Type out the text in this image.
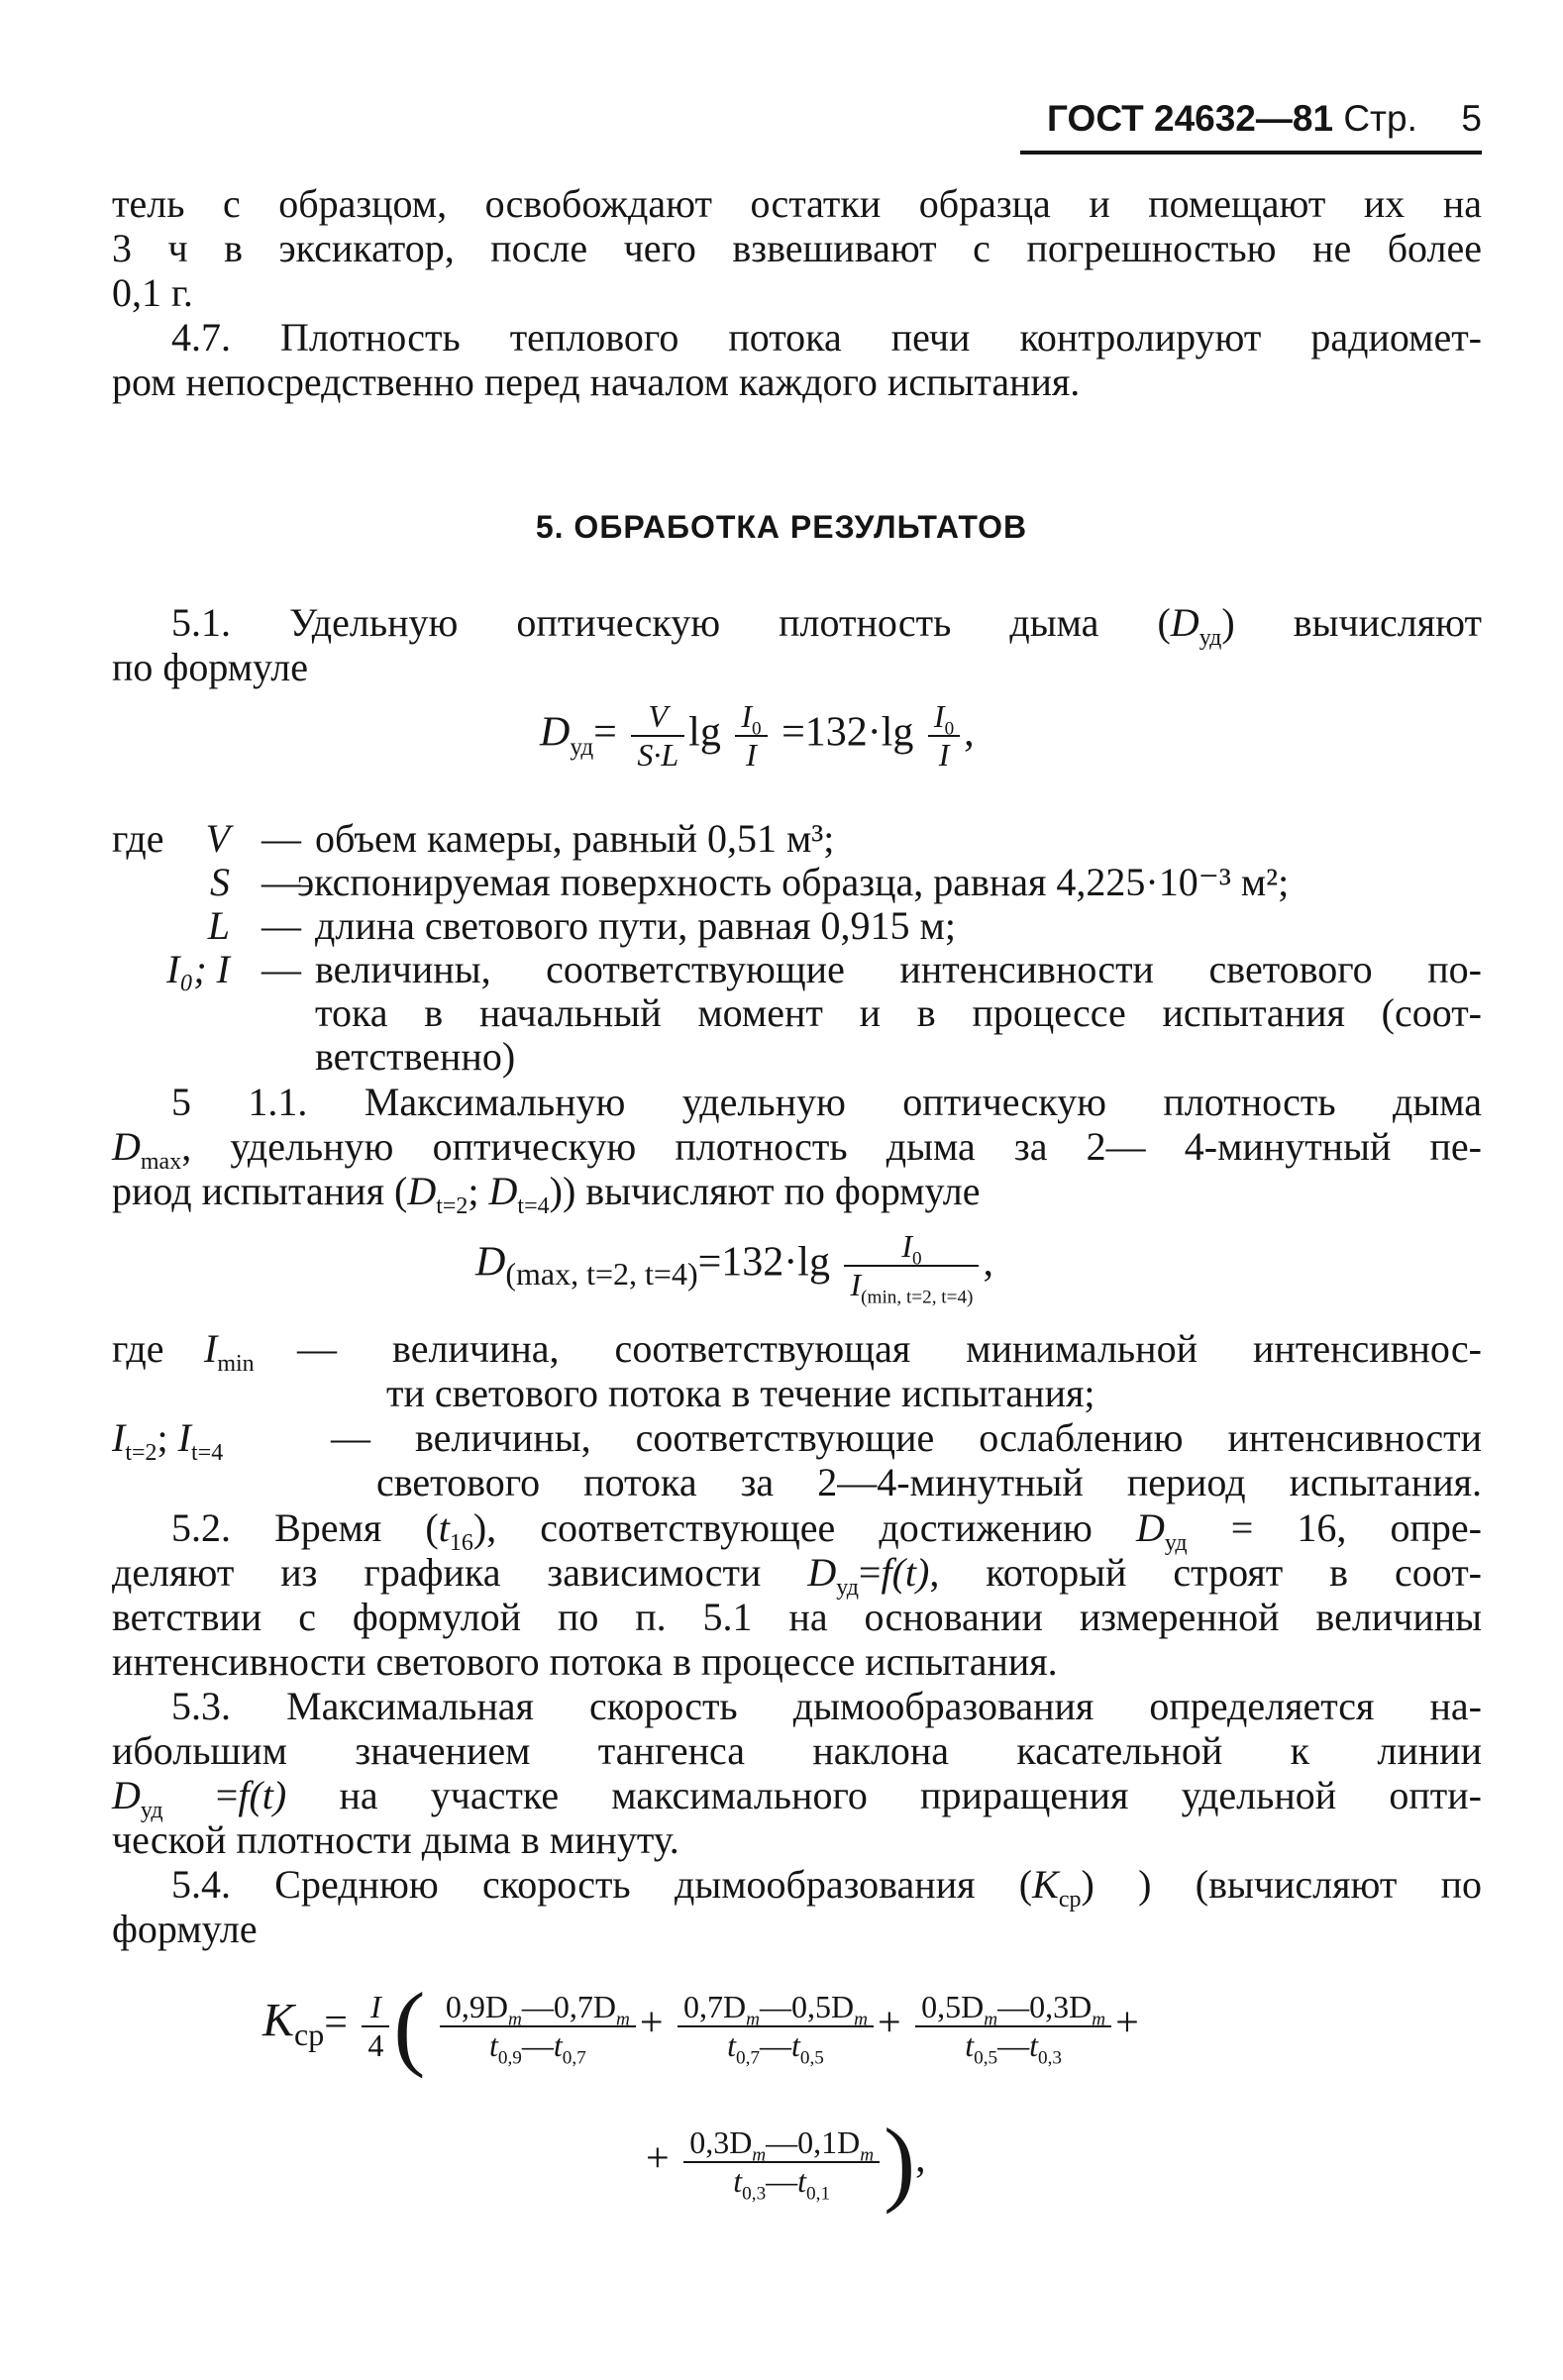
ГОСТ 24632—81 Стр. 5
тель с образцом, освобождают остатки образца и помещают их на
3 ч в эксикатор, после чего взвешивают с погрешностью не более
0,1 г.
4.7. Плотность теплового потока печи контролируют радиомет-
ром непосредственно перед началом каждого испытания.
5. ОБРАБОТКА РЕЗУЛЬТАТОВ
5.1. Удельную оптическую плотность дыма $(D_{уд})$ вычисляют
по формуле
$D_{уд}= \frac{V}{S\cdot L}$ $\lg \frac{I_0}{I} =132\cdot\lg \frac{I_0}{I}$ ,
где	V — объем камеры, равный 0,51 м³;
S —
экспонируемая поверхность образца, равная 4,225·10⁻³ м²;
L — длина светового пути, равная 0,915 м;
I₀; I — величины, соответствующие интенсивности светового по-
тока в начальный момент и в процессе испытания (соот-
ветственно)
5 1.1. Максимальную удельную оптическую плотность дыма
$D_{max}$, удельную оптическую плотность дыма за 2— 4-минутный пе-
риод испытания ($D_{t=2}$; $D_{t=4}$)) вычисляют по формуле
$D_{(max, t=2, t=4)}=132\cdot\lg \frac{I_0}{I_{(min, t=2, t=4)}}$ ,
где $I_{min}$ — величина, соответствующая минимальной интенсивнос-
ти светового потока в течение испытания;
$I_{t=2}$; $I_{t=4}$	— величины, соответствующие ослаблению интенсивности
светового потока за 2—4-минутный период испытания.
5.2. Время $(t_{16})$, соответствующее достижению $D_{уд} = 16$, опре-
деляют из графика зависимости $D_{уд}=f(t)$, который строят в соот-
ветствии с формулой по п. 5.1 на основании измеренной величины
интенсивности светового потока в процессе испытания.
5.3. Максимальная скорость дымообразования определяется на-
ибольшим значением тангенса наклона касательной к линии
$D_{уд} =f(t)$ на участке максимального приращения удельной опти-
ческой плотности дыма в минуту.
5.4. Среднюю скорость дымообразования $(K_{ср})$ ) (вычисляют по
формуле
$K_{ср}= \frac{I}{4}$ ( $\frac{0,9D_m—0,7D_m}{t_{0,9}—t_{0,7}} + \frac{0,7D_m—0,5D_m}{t_{0,7}—t_{0,5}} + \frac{0,5D_m—0,3D_m}{t_{0,5}—t_{0,3}}$ +
+ $\frac{0,3D_m—0,1D_m}{t_{0,3}—t_{0,1}}$ ),
